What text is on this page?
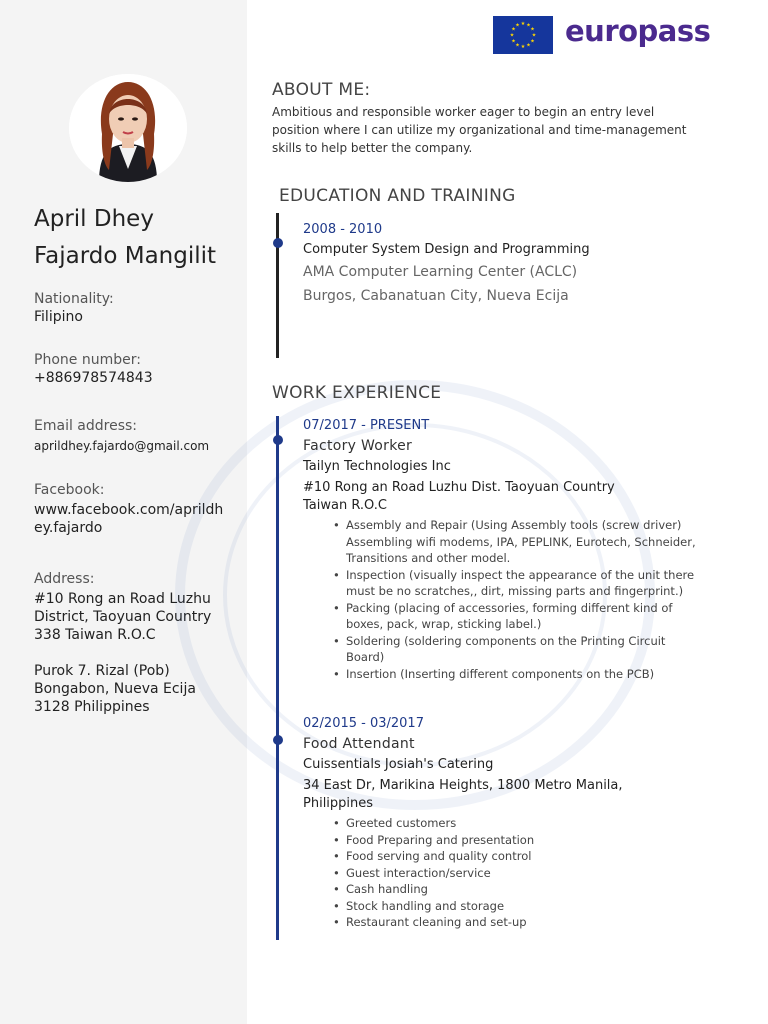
April Dhey
Fajardo Mangilit
Nationality:
Filipino
Phone number:
+886978574843
Email address:
aprildhey.fajardo@gmail.com
Facebook:
www.facebook.com/aprildhey.fajardo
Address:
#10 Rong an Road Luzhu
District, Taoyuan Country
338 Taiwan R.O.C
Purok 7. Rizal (Pob)
Bongabon, Nueva Ecija
3128 Philippines
★ ★
★
★
★
★
★
★
★
★
★
★ europass
ABOUT ME:
Ambitious and responsible worker eager to begin an entry level position where I can utilize my organizational and time-management skills to help better the company.
EDUCATION AND TRAINING
2008 - 2010
Computer System Design and Programming
AMA Computer Learning Center (ACLC)
Burgos, Cabanatuan City, Nueva Ecija
WORK EXPERIENCE
07/2017 - PRESENT
Factory Worker
Tailyn Technologies Inc
#10 Rong an Road Luzhu Dist. Taoyuan Country Taiwan R.O.C
• Assembly and Repair (Using Assembly tools (screw driver) Assembling wifi modems, IPA, PEPLINK, Eurotech, Schneider, Transitions and other model.
• Inspection (visually inspect the appearance of the unit there must be no scratches,, dirt, missing parts and fingerprint.)
• Packing (placing of accessories, forming different kind of boxes, pack, wrap, sticking label.)
• Soldering (soldering components on the Printing Circuit Board)
• Insertion (Inserting different components on the PCB)
02/2015 - 03/2017
Food Attendant
Cuissentials Josiah's Catering
34 East Dr, Marikina Heights, 1800 Metro Manila, Philippines
• Greeted customers
• Food Preparing and presentation
• Food serving and quality control
• Guest interaction/service
• Cash handling
• Stock handling and storage
• Restaurant cleaning and set-up
